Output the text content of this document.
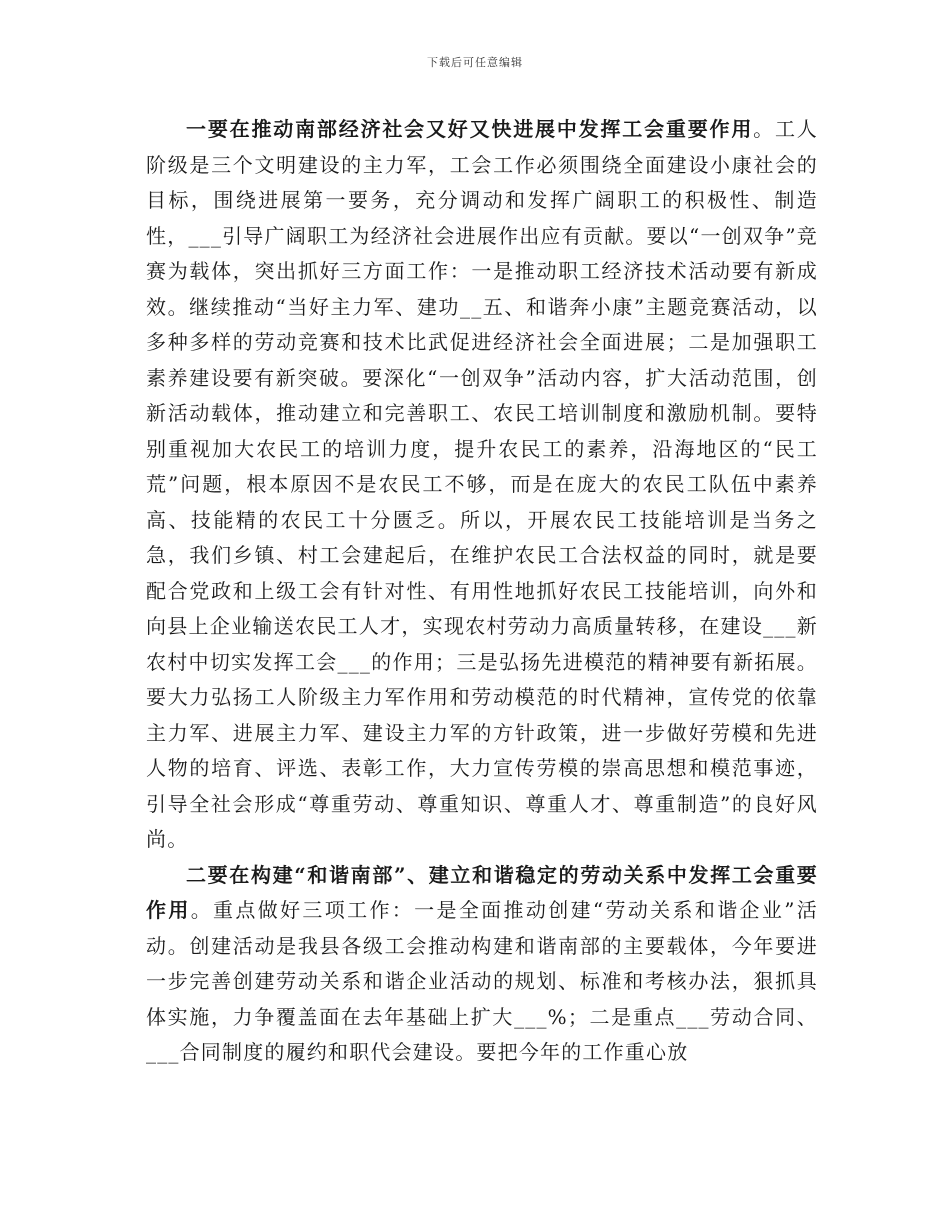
下载后可任意编辑

一要在推动南部经济社会又好又快进展中发挥工会重要作用。工人阶级是三个文明建设的主力军，工会工作必须围绕全面建设小康社会的目标，围绕进展第一要务，充分调动和发挥广阔职工的积极性、制造性，___引导广阔职工为经济社会进展作出应有贡献。要以“一创双争”竞赛为载体，突出抓好三方面工作：一是推动职工经济技术活动要有新成效。继续推动“当好主力军、建功__五、和谐奔小康”主题竞赛活动，以多种多样的劳动竞赛和技术比武促进经济社会全面进展；二是加强职工素养建设要有新突破。要深化“一创双争”活动内容，扩大活动范围，创新活动载体，推动建立和完善职工、农民工培训制度和激励机制。要特别重视加大农民工的培训力度，提升农民工的素养，沿海地区的“民工荒”问题，根本原因不是农民工不够，而是在庞大的农民工队伍中素养高、技能精的农民工十分匮乏。所以，开展农民工技能培训是当务之急，我们乡镇、村工会建起后，在维护农民工合法权益的同时，就是要配合党政和上级工会有针对性、有用性地抓好农民工技能培训，向外和向县上企业输送农民工人才，实现农村劳动力高质量转移，在建设___新农村中切实发挥工会___的作用；三是弘扬先进模范的精神要有新拓展。要大力弘扬工人阶级主力军作用和劳动模范的时代精神，宣传党的依靠主力军、进展主力军、建设主力军的方针政策，进一步做好劳模和先进人物的培育、评选、表彰工作，大力宣传劳模的崇高思想和模范事迹，引导全社会形成“尊重劳动、尊重知识、尊重人才、尊重制造”的良好风尚。

二要在构建“和谐南部”、建立和谐稳定的劳动关系中发挥工会重要作用。重点做好三项工作：一是全面推动创建“劳动关系和谐企业”活动。创建活动是我县各级工会推动构建和谐南部的主要载体，今年要进一步完善创建劳动关系和谐企业活动的规划、标准和考核办法，狠抓具体实施，力争覆盖面在去年基础上扩大___%；二是重点___劳动合同、___合同制度的履约和职代会建设。要把今年的工作重心放
